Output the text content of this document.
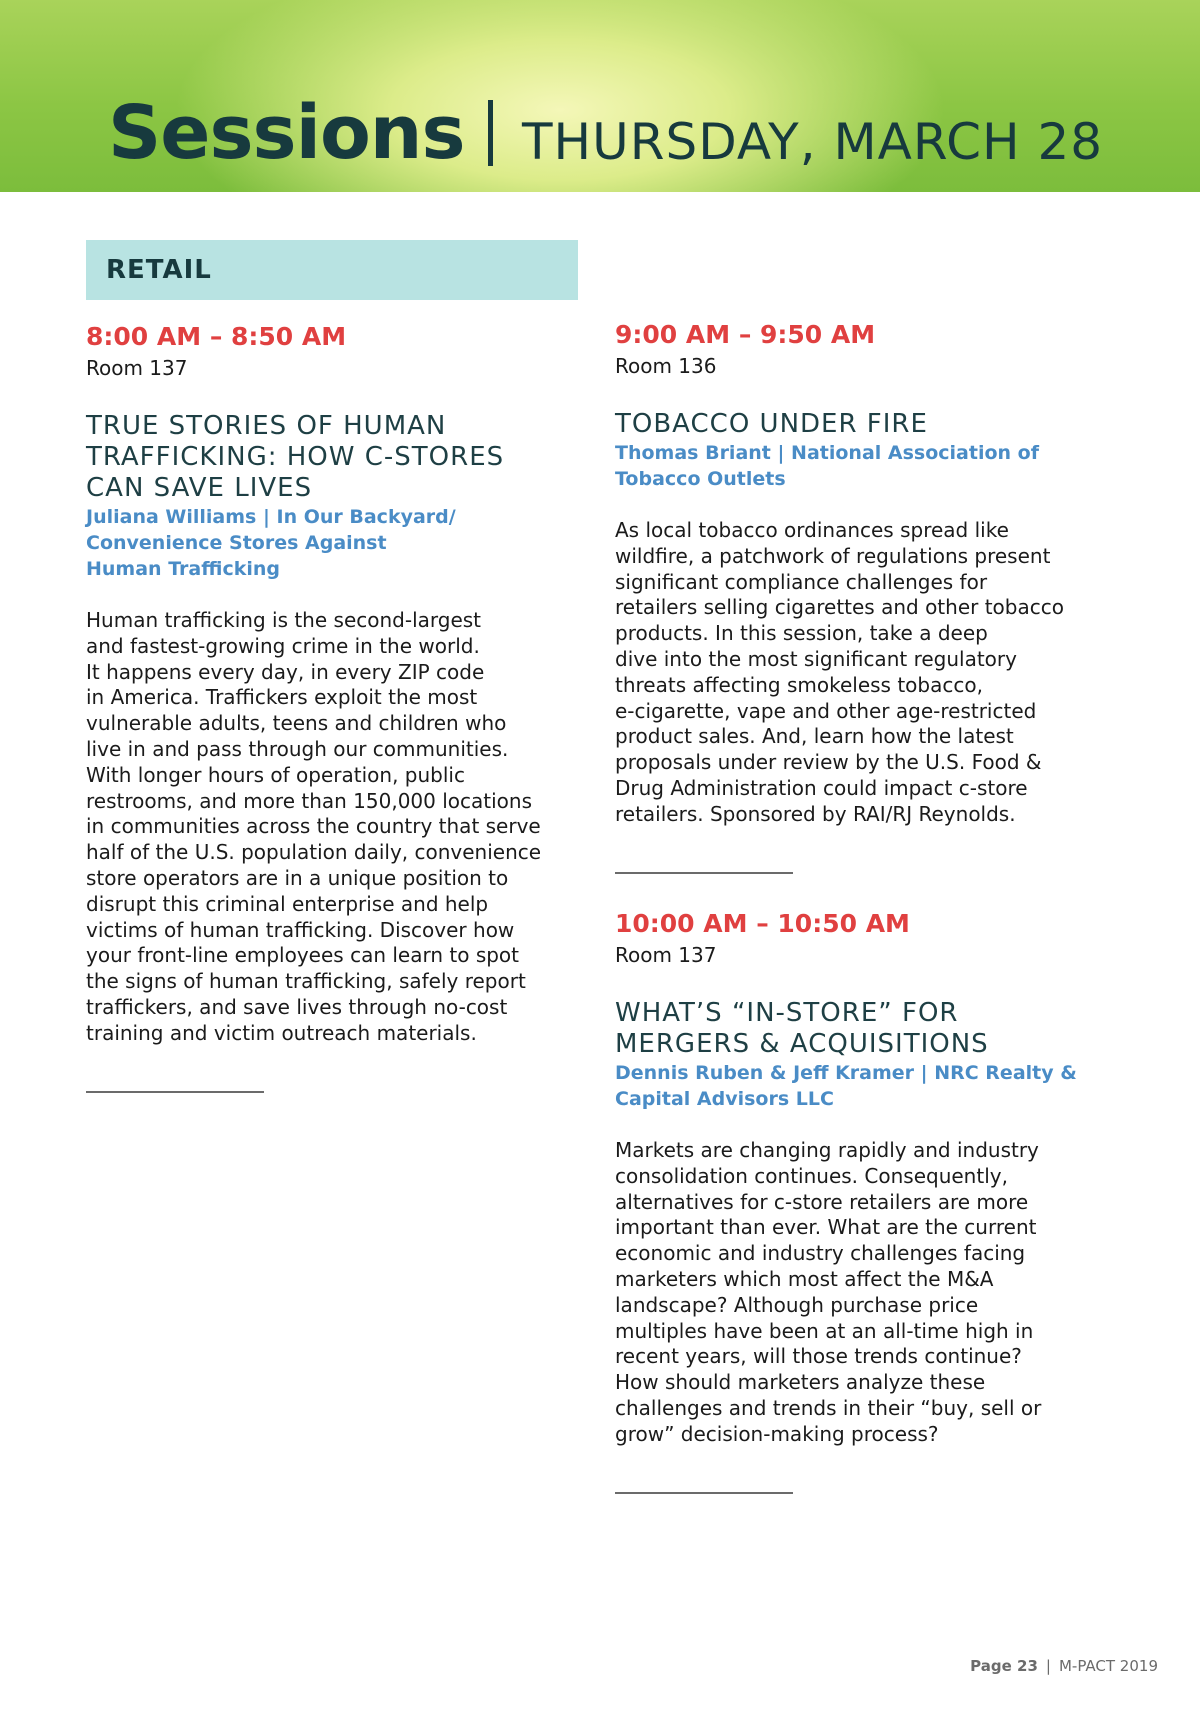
Sessions THURSDAY, MARCH 28
RETAIL
8:00 AM – 8:50 AM
Room 137
TRUE STORIES OF HUMAN
TRAFFICKING: HOW C-STORES
CAN SAVE LIVES
Juliana Williams | In Our Backyard/
Convenience Stores Against
Human Trafficking
Human trafficking is the second-largest
and fastest-growing crime in the world.
It happens every day, in every ZIP code
in America. Traffickers exploit the most
vulnerable adults, teens and children who
live in and pass through our communities.
With longer hours of operation, public
restrooms, and more than 150,000 locations
in communities across the country that serve
half of the U.S. population daily, convenience
store operators are in a unique position to
disrupt this criminal enterprise and help
victims of human trafficking. Discover how
your front-line employees can learn to spot
the signs of human trafficking, safely report
traffickers, and save lives through no-cost
training and victim outreach materials.
9:00 AM – 9:50 AM
Room 136
TOBACCO UNDER FIRE
Thomas Briant | National Association of
Tobacco Outlets
As local tobacco ordinances spread like
wildfire, a patchwork of regulations present
significant compliance challenges for
retailers selling cigarettes and other tobacco
products. In this session, take a deep
dive into the most significant regulatory
threats affecting smokeless tobacco,
e-cigarette, vape and other age-restricted
product sales. And, learn how the latest
proposals under review by the U.S. Food &
Drug Administration could impact c-store
retailers. Sponsored by RAI/RJ Reynolds.
10:00 AM – 10:50 AM
Room 137
WHAT’S “IN-STORE” FOR
MERGERS & ACQUISITIONS
Dennis Ruben & Jeff Kramer | NRC Realty &
Capital Advisors LLC
Markets are changing rapidly and industry
consolidation continues. Consequently,
alternatives for c-store retailers are more
important than ever. What are the current
economic and industry challenges facing
marketers which most affect the M&A
landscape? Although purchase price
multiples have been at an all-time high in
recent years, will those trends continue?
How should marketers analyze these
challenges and trends in their “buy, sell or
grow” decision-making process?
Page 23 | M-PACT 2019
